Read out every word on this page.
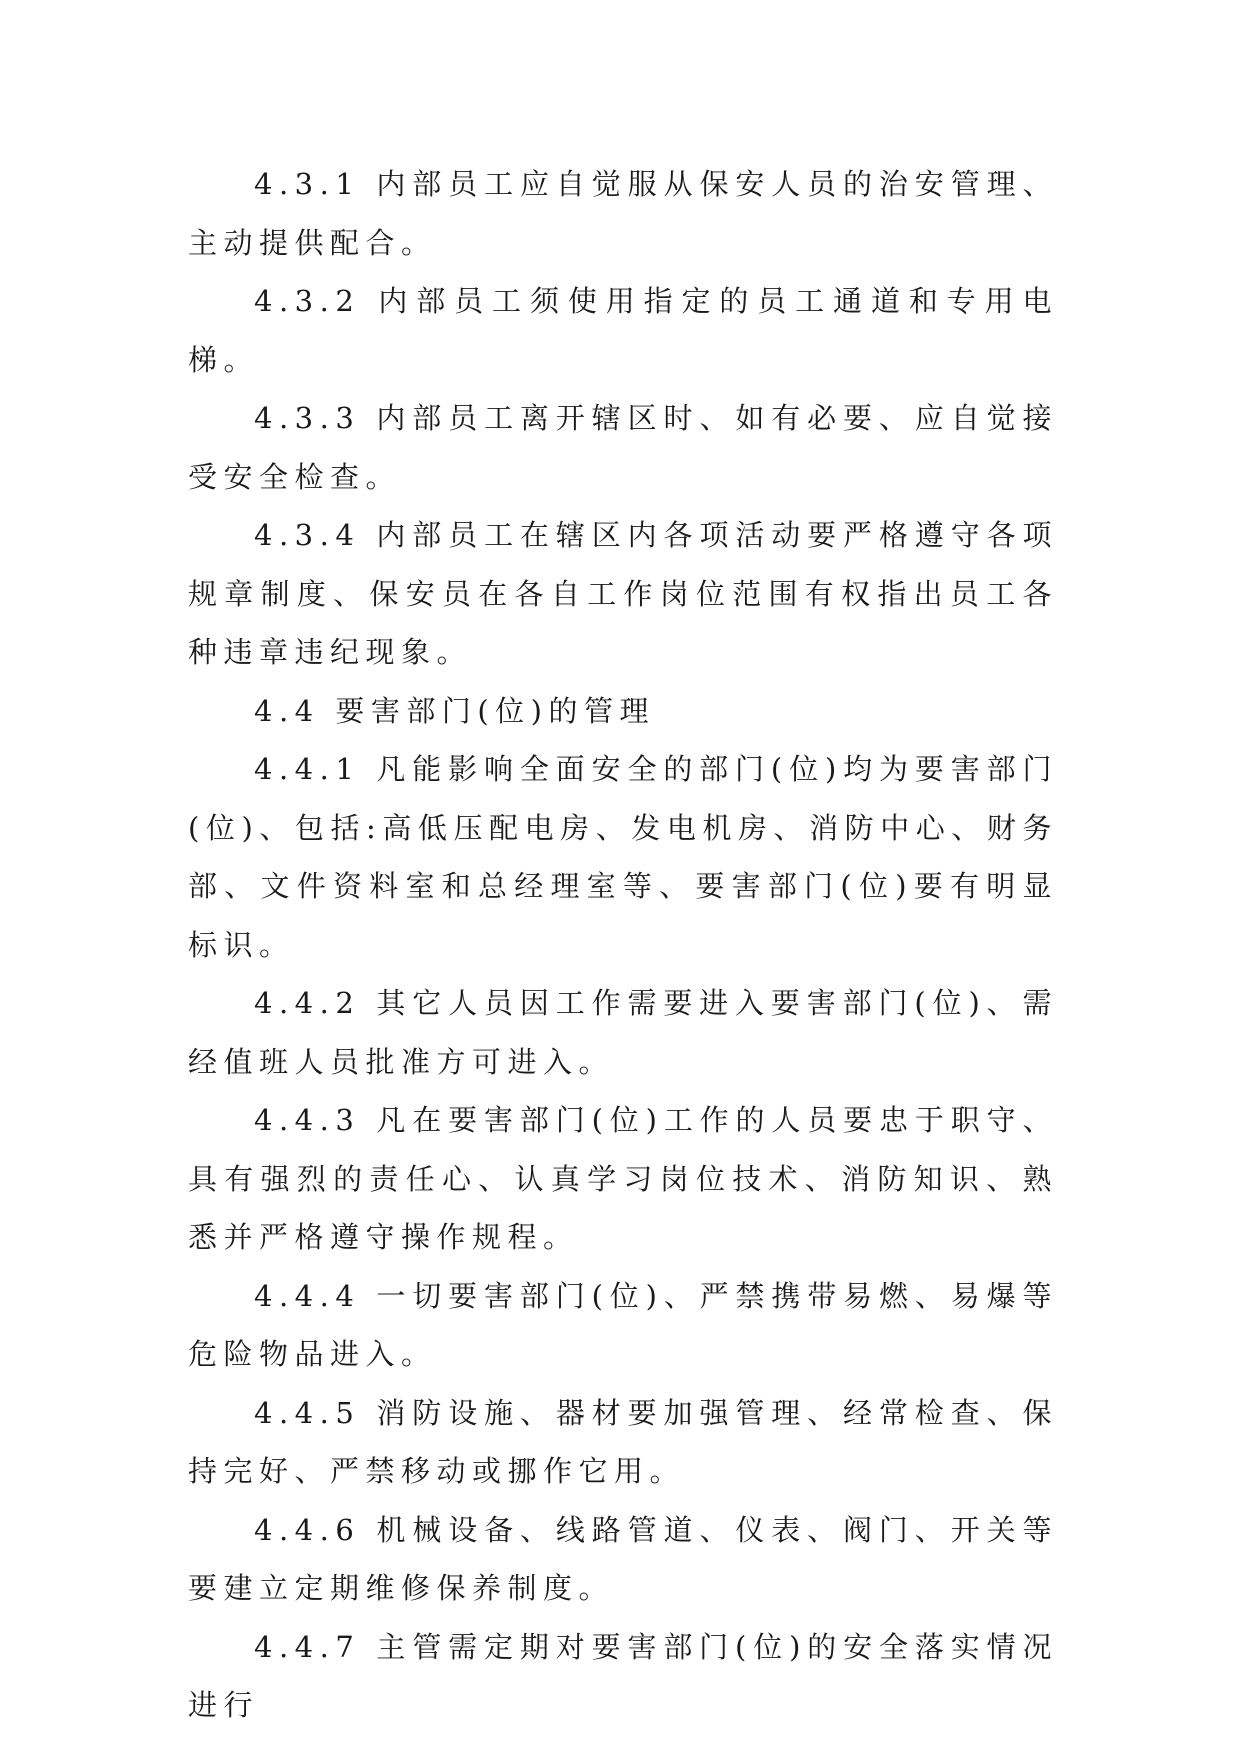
4.3.1 内部员工应自觉服从保安人员的治安管理、主动提供配合。

4.3.2 内部员工须使用指定的员工通道和专用电梯。

4.3.3 内部员工离开辖区时、如有必要、应自觉接受安全检查。

4.3.4 内部员工在辖区内各项活动要严格遵守各项规章制度、保安员在各自工作岗位范围有权指出员工各种违章违纪现象。

4.4 要害部门(位)的管理

4.4.1 凡能影响全面安全的部门(位)均为要害部门(位)、包括:高低压配电房、发电机房、消防中心、财务部、文件资料室和总经理室等、要害部门(位)要有明显标识。

4.4.2 其它人员因工作需要进入要害部门(位)、需经值班人员批准方可进入。

4.4.3 凡在要害部门(位)工作的人员要忠于职守、具有强烈的责任心、认真学习岗位技术、消防知识、熟悉并严格遵守操作规程。

4.4.4 一切要害部门(位)、严禁携带易燃、易爆等危险物品进入。

4.4.5 消防设施、器材要加强管理、经常检查、保持完好、严禁移动或挪作它用。

4.4.6 机械设备、线路管道、仪表、阀门、开关等要建立定期维修保养制度。

4.4.7 主管需定期对要害部门(位)的安全落实情况进行
